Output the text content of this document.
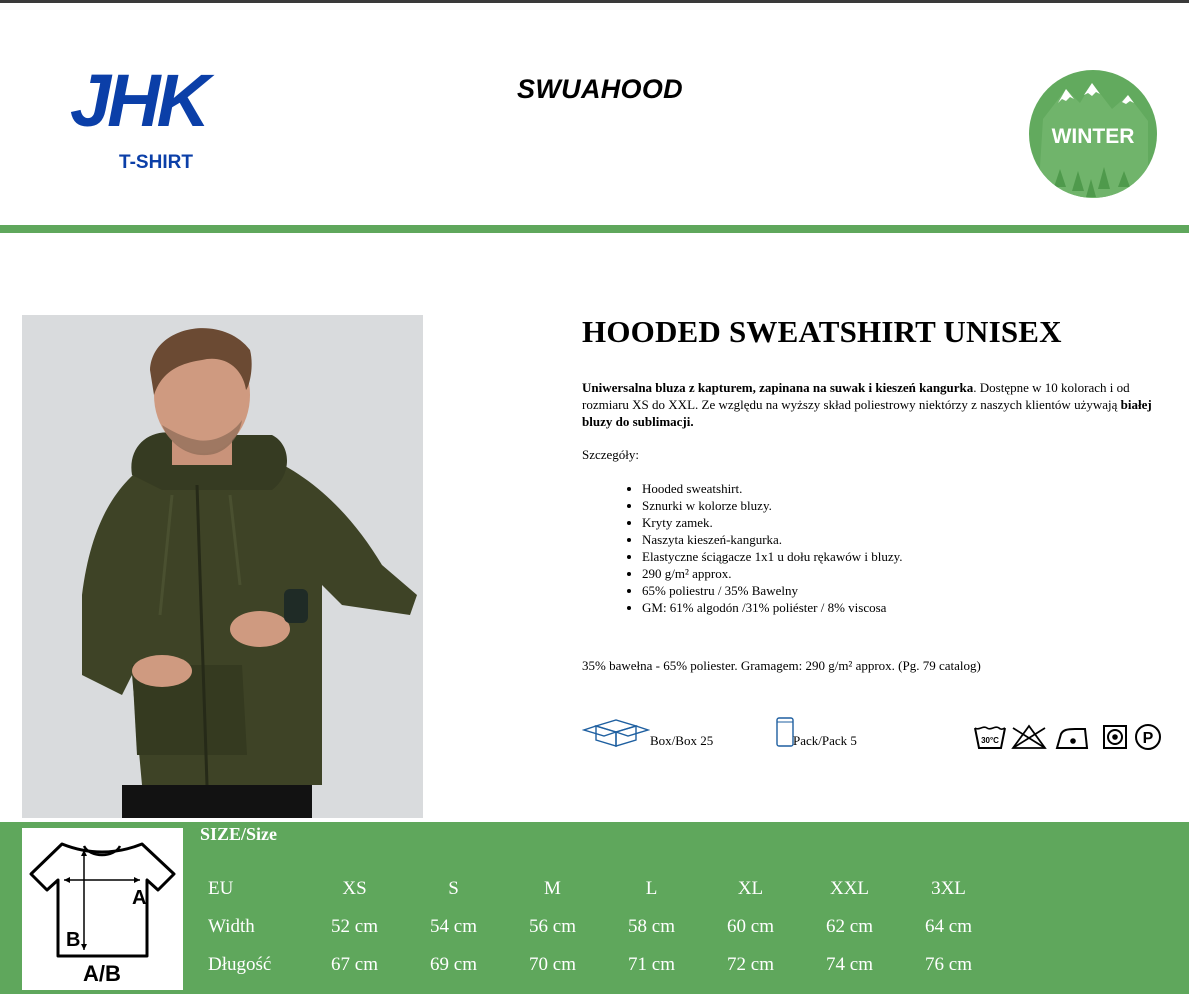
JHK
T-SHIRT
SWUAHOOD
WINTER
HOODED SWEATSHIRT UNISEX
Uniwersalna bluza z kapturem, zapinana na suwak i kieszeń kangurka. Dostępne w 10 kolorach i od rozmiaru XS do XXL. Ze względu na wyższy skład poliestrowy niektórzy z naszych klientów używają białej bluzy do sublimacji.
Szczegóły:
• Hooded sweatshirt.
• Sznurki w kolorze bluzy.
• Kryty zamek.
• Naszyta kieszeń-kangurka.
• Elastyczne ściągacze 1x1 u dołu rękawów i bluzy.
• 290 g/m² approx.
• 65% poliestru / 35% Bawelny
• GM: 61% algodón /31% poliéster / 8% viscosa
35% bawełna - 65% poliester. Gramagem: 290 g/m² approx. (Pg. 79 catalog)
Box/Box 25	Pack/Pack 5	30°C	P
A
B
A/B
SIZE/Size
EU	XS	S	M	L	XL	XXL	3XL
Width	52 cm	54 cm	56 cm	58 cm	60 cm	62 cm	64 cm
Długość	67 cm	69 cm	70 cm	71 cm	72 cm	74 cm	76 cm
